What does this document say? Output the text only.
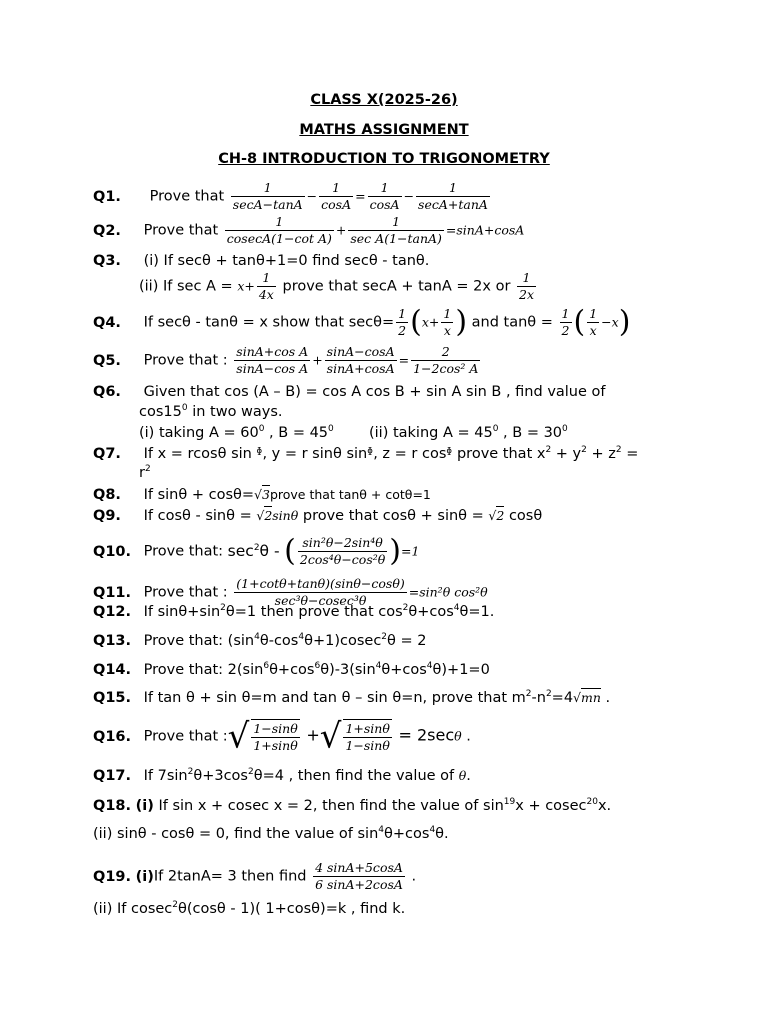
CLASS X(2025-26)
MATHS ASSIGNMENT
CH-8 INTRODUCTION TO TRIGONOMETRY
Q1. Prove that $\frac{1}{\sec A-\tan A} - \frac{1}{\cos A} = \frac{1}{\cos A} - \frac{1}{\sec A+\tan A}$
Q2. Prove that $\frac{1}{\text{cosecA(1−cot A)}} + \frac{1}{\text{sec A(1−tanA)}} =\sin A+\cos A$
Q3. (i) If secθ + tanθ+1=0 find secθ - tanθ.
(ii) If $\sec A = x+ \frac{1}{4x}$ prove that secA + tanA = 2x or $\frac{1}{2x}$
Q4. If secθ - tanθ = x show that $\sec\theta= \frac{1}{2} (x+ \frac{1}{x}$ ) and $\tan\theta = \frac{1}{2}$ ( $\frac{1}{x} -x$)
Q5. Prove that : $\frac{\text{sinA+cos A}}{\text{sinA−cos A}} + \frac{\sin A-\cos A}{\sin A+\cos A} = \frac{2}{\text{1−2cos² A}}$
Q6. Given that cos (A – B) = cos A cos B + sin A sin B , find value of
$\cos 15^0$ in two ways.
(i) taking $A = 60^0$ , $B = 45^0$ (ii) taking $A = 45^0$ , $B = 30^0$
Q7. If x = rcosθ sin ᶲ, y = r sinθ sinᶲ, z = r cosᶲ prove that $x^2 + y^2 + z^2$ =
$r^2$
Q8. If sinθ + cosθ=√3prove that tanθ + cotθ=1
Q9. If cosθ - sinθ = √2sinθ prove that cosθ + sinθ = √2 cosθ
Q10. Prove that: $\sec^2\theta$ - ( $\frac{\text{sin²θ−2sin⁴θ}}{\text{2cos⁴θ−cos²θ}} )=1$
Q11. Prove that : $\frac{(1+\cot\theta+\tan\theta)(\sin\theta-\cos\theta)}{\text{sec³θ−cosec³θ}} =\sin^2\theta$ cos²θ
Q12. If $\sin\theta+\sin^2\theta=1$ then prove that $\cos^2\theta+\cos^4\theta=1$.
Q13. Prove that: $(\sin^4\theta-\cos^4\theta+1)cosec^2\theta = 2$
Q14. Prove that: $2(\sin^6\theta+\cos^6\theta)-3(\sin^4\theta+\cos^4\theta)+1=0$
Q15. If tan θ + sin θ=m and tan θ – sin θ=n, prove that $m^2-n^2=4√mn$ .
Q16. Prove that :√ $\frac{1-\sin\theta}{1+\sin\theta}$ +√ $\frac{1+\sin\theta}{1-\sin\theta} = 2\sec\theta$ .
Q17. If $7\sin^2\theta+3\cos^2\theta=4$ , then find the value of θ.
Q18. (i) If sin x + cosec x = 2, then find the value of $\sin^{19}x + cosec^{20}x$.
(ii) sinθ - cosθ = 0, find the value of $\sin^4\theta+\cos^4\theta$.
Q19. (i)If 2tanA= 3 then find $\frac{4 \sin A+5\cos A}{6 \sin A+2\cos A}$ .
(ii) If cosec$^2$θ(cosθ - 1)( 1+cosθ)=k , find k.
